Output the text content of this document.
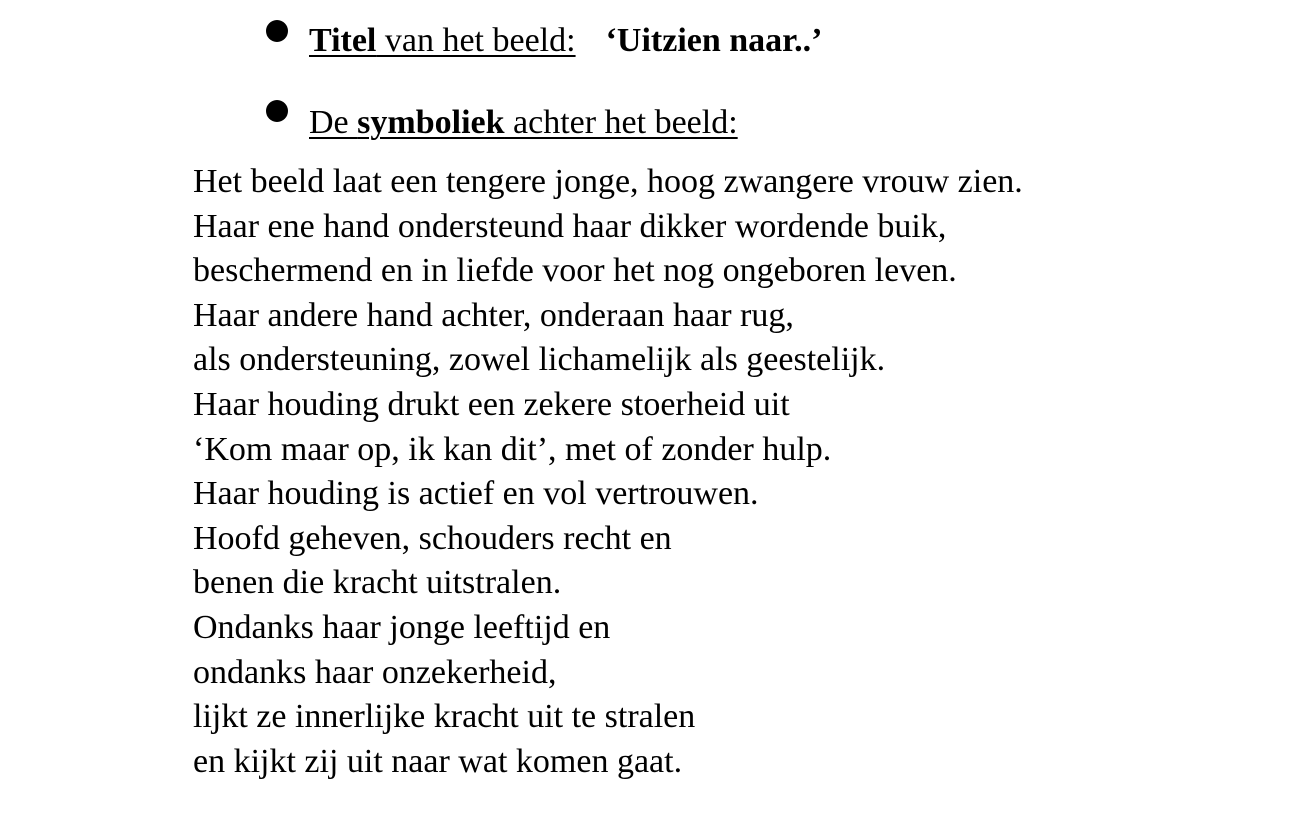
Titel van het beeld: ‘Uitzien naar..’
De symboliek achter het beeld:
Het beeld laat een tengere jonge, hoog zwangere vrouw zien.
Haar ene hand ondersteund haar dikker wordende buik,
beschermend en in liefde voor het nog ongeboren leven.
Haar andere hand achter, onderaan haar rug,
als ondersteuning, zowel lichamelijk als geestelijk.
Haar houding drukt een zekere stoerheid uit
‘Kom maar op, ik kan dit’, met of zonder hulp.
Haar houding is actief en vol vertrouwen.
Hoofd geheven, schouders recht en
benen die kracht uitstralen.
Ondanks haar jonge leeftijd en
ondanks haar onzekerheid,
lijkt ze innerlijke kracht uit te stralen
en kijkt zij uit naar wat komen gaat.
